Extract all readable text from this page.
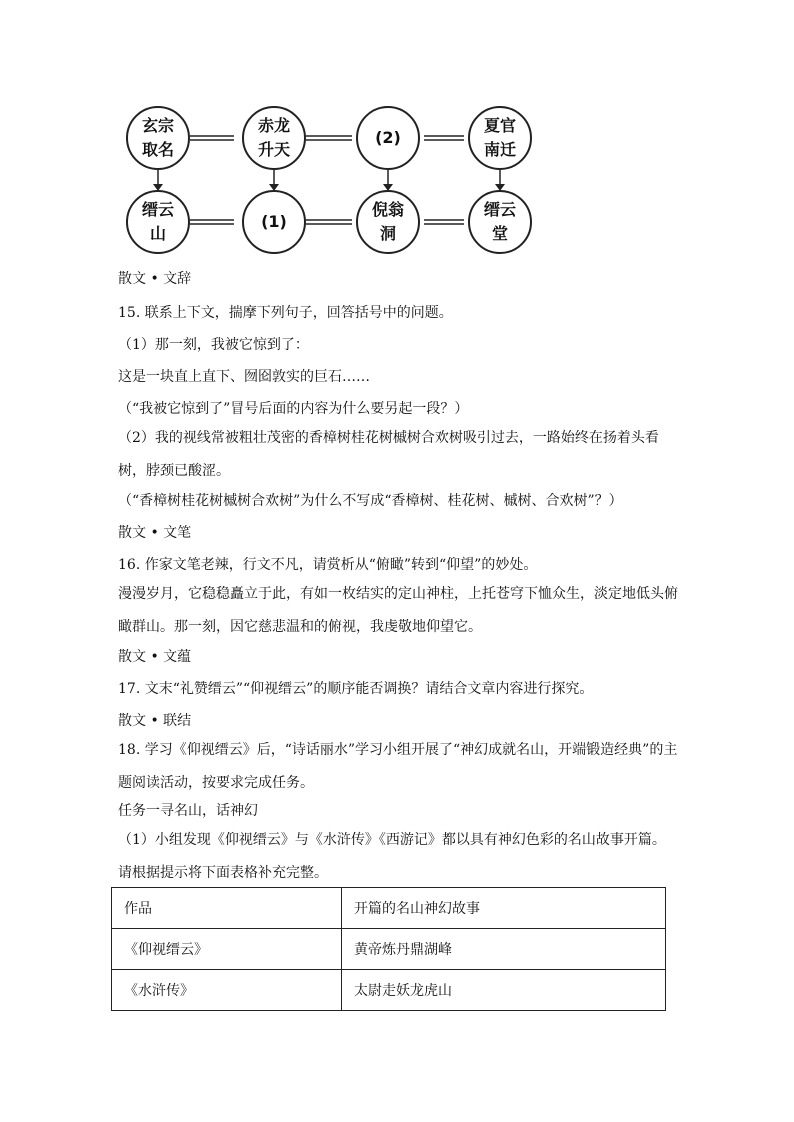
玄宗
取名
赤龙
升天
(2)
夏官
南迁
缙云
山
(1)
倪翁
洞
缙云
堂
散文 • 文辞
15. 联系上下文，揣摩下列句子，回答括号中的问题。
（1）那一刻，我被它惊到了：
这是一块直上直下、囫囵敦实的巨石……
（“我被它惊到了”冒号后面的内容为什么要另起一段？）
（2）我的视线常被粗壮茂密的香樟树桂花树槭树合欢树吸引过去，一路始终在扬着头看树，脖颈已酸涩。
（“香樟树桂花树槭树合欢树”为什么不写成“香樟树、桂花树、槭树、合欢树”？）
散文 • 文笔
16. 作家文笔老辣，行文不凡，请赏析从“俯瞰”转到“仰望”的妙处。
漫漫岁月，它稳稳矗立于此，有如一枚结实的定山神柱，上托苍穹下恤众生，淡定地低头俯瞰群山。那一刻，因它慈悲温和的俯视，我虔敬地仰望它。
散文 • 文蕴
17. 文末“礼赞缙云”“仰视缙云”的顺序能否调换？请结合文章内容进行探究。
散文 • 联结
18. 学习《仰视缙云》后，“诗话丽水”学习小组开展了“神幻成就名山，开端锻造经典”的主题阅读活动，按要求完成任务。
任务一寻名山，话神幻
（1）小组发现《仰视缙云》与《水浒传》《西游记》都以具有神幻色彩的名山故事开篇。请根据提示将下面表格补充完整。
作品	开篇的名山神幻故事
《仰视缙云》	黄帝炼丹鼎湖峰
《水浒传》	太尉走妖龙虎山
